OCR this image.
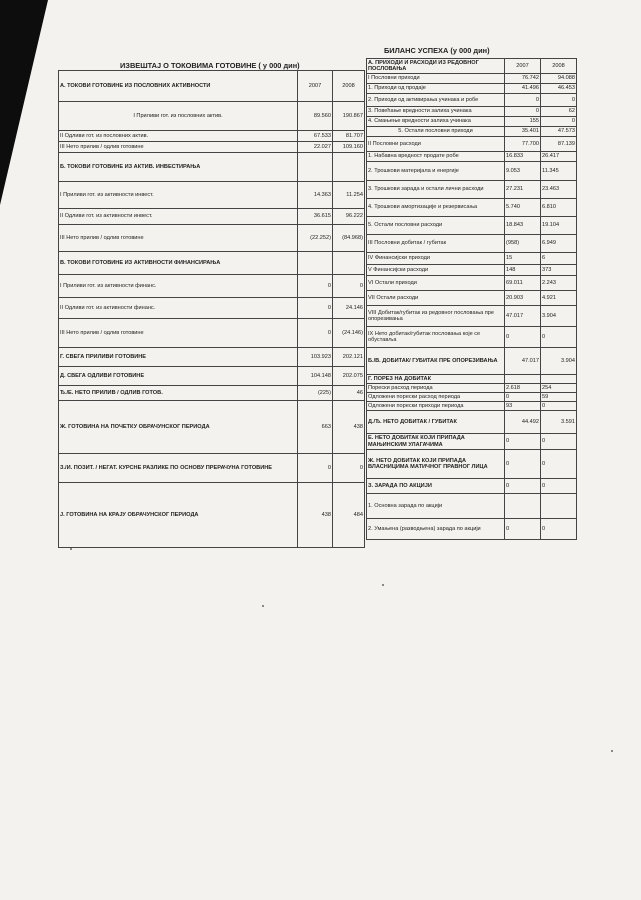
ИЗВЕШТАЈ О ТОКОВИМА ГОТОВИНЕ ( у 000 дин)
БИЛАНС УСПЕХА (у 000 дин)
А. ТОКОВИ ГОТОВИНЕ ИЗ ПОСЛОВНИХ АКТИВНОСТИ	2007	2008
I Приливи гот. из пословних актив.	89.560	190.867
II Одливи гот. из пословних актив.	67.533	81.707
III Нето прилив / одлив готовине	22.027	109.160
Б. ТОКОВИ ГОТОВИНЕ ИЗ АКТИВ. ИНВЕСТИРАЊА		
I Приливи гот. из активности инвест.	14.363	11.254
II Одливи гот. из активности инвест.	36.615	96.222
III Нето прилив / одлив готовине	(22.252)	(84.968)
В. ТОКОВИ ГОТОВИНЕ ИЗ АКТИВНОСТИ ФИНАНСИРАЊА		
I Приливи гот. из активности финанс.	0	0
II Одливи гот. из активности финанс.	0	24.146
III Нето прилив / одлив готовине	0	(24.146)
Г. СВЕГА ПРИЛИВИ ГОТОВИНЕ	103.923	202.121
Д. СВЕГА ОДЛИВИ ГОТОВИНЕ	104.148	202.075
Ђ./Е. НЕТО ПРИЛИВ / ОДЛИВ ГОТОВ.	(225)	46
Ж. ГОТОВИНА НА ПОЧЕТКУ ОБРАЧУНСКОГ ПЕРИОДА	663	438
З./И. ПОЗИТ. / НЕГАТ. КУРСНЕ РАЗЛИКЕ ПО ОСНОВУ ПРЕРАЧУНА ГОТОВИНЕ	0	0
Ј. ГОТОВИНА НА КРАЈУ ОБРАЧУНСКОГ ПЕРИОДА	438	484
А. ПРИХОДИ И РАСХОДИ ИЗ РЕДОВНОГ ПОСЛОВАЊА	2007	2008
I Пословни приходи	76.742	94.088
1. Приходи од продаје	41.496	46.453
2. Приходи од активирања учинака и робе	0	0
3. Повећање вредности залиха учинака	0	62
4. Смањење вредности залиха учинака	155	0
5. Остали пословни приходи	35.401	47.573
II Пословни расходи	77.700	87.139
1. Набавна вредност продате робе	16.833	26.417
2. Трошкови материјала и енергије	9.053	11.345
3. Трошкови зарада и остали лични расходи	27.231	23.463
4. Трошкови амортизације и резервисања	5.740	6.810
5. Остали пословни расходи	18.843	19.104
III Пословни добитак / губитак	(958)	6.949
IV Финансијски приходи	15	6
V Финансијски расходи	148	373
VI Остали приходи	69.011	2.243
VII Остали расходи	20.903	4.921
VIII Добитак/губитак из редовног пословања пре опорезивања	47.017	3.904
IX Нето добитак/губитак пословања које се обуставља	0	0
Б./В. ДОБИТАК/ ГУБИТАК ПРЕ ОПОРЕЗИВАЊА	47.017	3.904
Г. ПОРЕЗ НА ДОБИТАК		
Порески расход периода	2.618	254
Одложени порески расход периода	0	59
Одложени порески приходи периода	93	0
Д./Ђ. НЕТО ДОБИТАК / ГУБИТАК	44.492	3.591
Е. НЕТО ДОБИТАК КОЈИ ПРИПАДА МАЊИНСКИМ УЛАГАЧИМА	0	0
Ж. НЕТО ДОБИТАК КОЈИ ПРИПАДА ВЛАСНИЦИМА МАТИЧНОГ ПРАВНОГ ЛИЦА	0	0
З. ЗАРАДА ПО АКЦИЈИ	0	0
1. Основна зарада по акцији		
2. Умањена (разводњена) зарада по акцији	0	0
